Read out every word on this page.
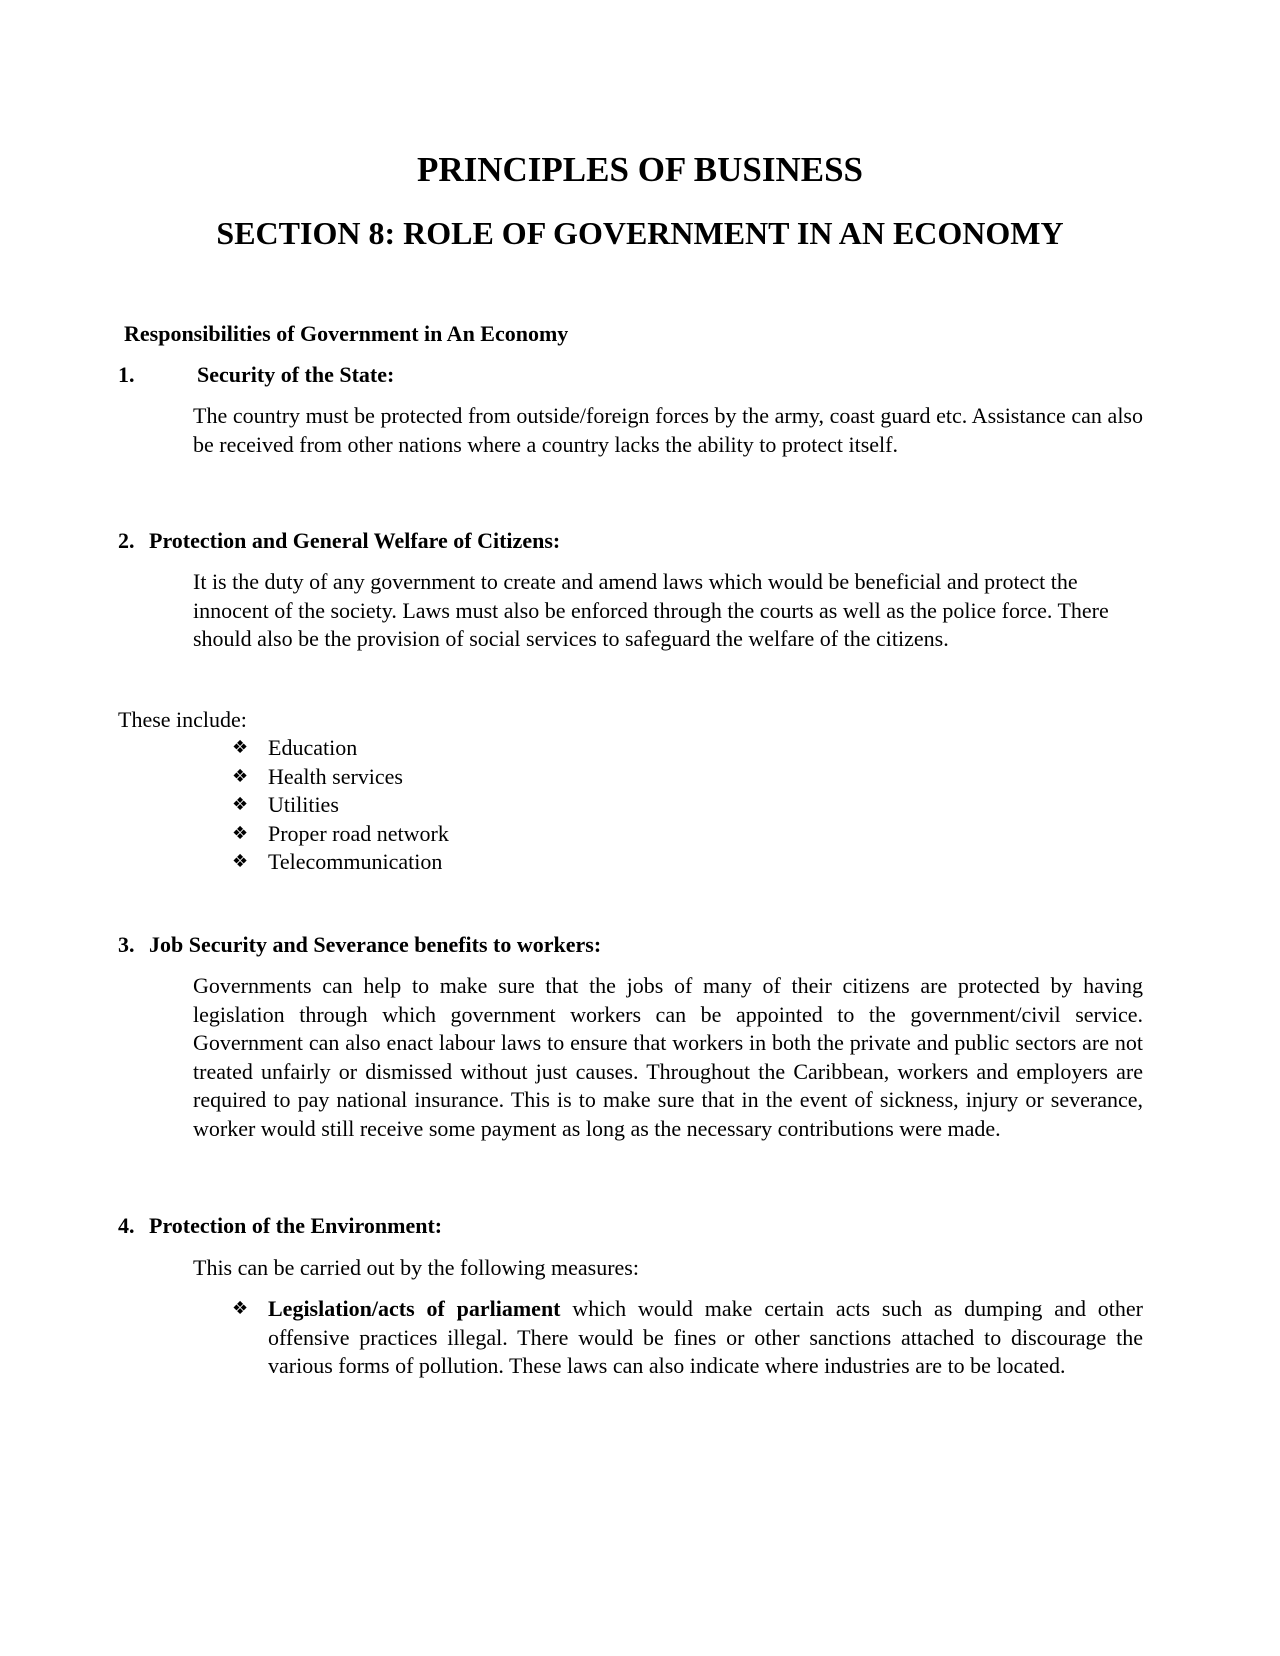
PRINCIPLES OF BUSINESS
SECTION 8: ROLE OF GOVERNMENT IN AN ECONOMY
Responsibilities of Government in An Economy
1.	Security of the State:
The country must be protected from outside/foreign forces by the army, coast guard etc. Assistance can also be received from other nations where a country lacks the ability to protect itself.
2. Protection and General Welfare of Citizens:
It is the duty of any government to create and amend laws which would be beneficial and protect the innocent of the society. Laws must also be enforced through the courts as well as the police force. There should also be the provision of social services to safeguard the welfare of the citizens.
These include:
❖ Education
❖ Health services
❖ Utilities
❖ Proper road network
❖ Telecommunication
3. Job Security and Severance benefits to workers:
Governments can help to make sure that the jobs of many of their citizens are protected by having legislation through which government workers can be appointed to the government/civil service. Government can also enact labour laws to ensure that workers in both the private and public sectors are not treated unfairly or dismissed without just causes. Throughout the Caribbean, workers and employers are required to pay national insurance. This is to make sure that in the event of sickness, injury or severance, worker would still receive some payment as long as the necessary contributions were made.
4. Protection of the Environment:
This can be carried out by the following measures:
❖ Legislation/acts of parliament which would make certain acts such as dumping and other offensive practices illegal. There would be fines or other sanctions attached to discourage the various forms of pollution. These laws can also indicate where industries are to be located.
